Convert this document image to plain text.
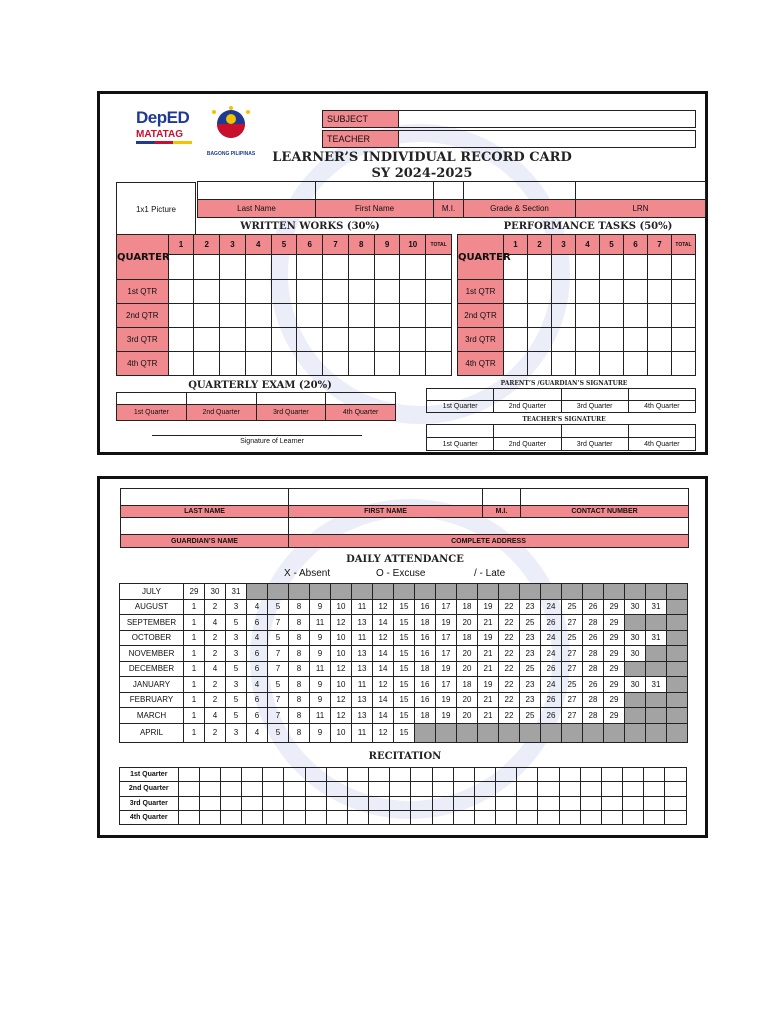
DepED
MATATAG
BAGONG PILIPINAS
SUBJECT
TEACHER
LEARNER’S INDIVIDUAL RECORD CARD
SY 2024-2025
1x1 Picture
					Last Name	First Name	M.I.	Grade & Section	LRN
WRITTEN WORKS (30%)	PERFORMANCE TASKS (50%)
QUARTER	1	2	3	4	5	6	7	8	9	10	TOTAL

1st QTR											
2nd QTR											
3rd QTR											
4th QTR											
QUARTER	1	2	3	4	5	6	7	TOTAL

1st QTR								
2nd QTR								
3rd QTR								
4th QTR								
QUARTERLY EXAM (20%)

1st Quarter	2nd Quarter	3rd Quarter	4th Quarter
Signature of Learner
PARENT’S /GUARDIAN’S SIGNATURE

1st Quarter	2nd Quarter	3rd Quarter	4th Quarter
TEACHER’S SIGNATURE

1st Quarter	2nd Quarter	3rd Quarter	4th Quarter

LAST NAME	FIRST NAME	M.I.	CONTACT NUMBER

GUARDIAN’S NAME	COMPLETE ADDRESS		
DAILY ATTENDANCE
X - Absent	O - Excuse	/ - Late
JULY	29	30	31																					
AUGUST	1	2	3	4	5	8	9	10	11	12	15	16	17	18	19	22	23	24	25	26	29	30	31	
SEPTEMBER	1	4	5	6	7	8	11	12	13	14	15	18	19	20	21	22	25	26	27	28	29			
OCTOBER	1	2	3	4	5	8	9	10	11	12	15	16	17	18	19	22	23	24	25	26	29	30	31	
NOVEMBER	1	2	3	6	7	8	9	10	13	14	15	16	17	20	21	22	23	24	27	28	29	30		
DECEMBER	1	4	5	6	7	8	11	12	13	14	15	18	19	20	21	22	25	26	27	28	29			
JANUARY	1	2	3	4	5	8	9	10	11	12	15	16	17	18	19	22	23	24	25	26	29	30	31	
FEBRUARY	1	2	5	6	7	8	9	12	13	14	15	16	19	20	21	22	23	26	27	28	29			
MARCH	1	4	5	6	7	8	11	12	13	14	15	18	19	20	21	22	25	26	27	28	29			
APRIL	1	2	3	4	5	8	9	10	11	12	15													
RECITATION
1st Quarter																								
2nd Quarter																								
3rd Quarter																								
4th Quarter																								
